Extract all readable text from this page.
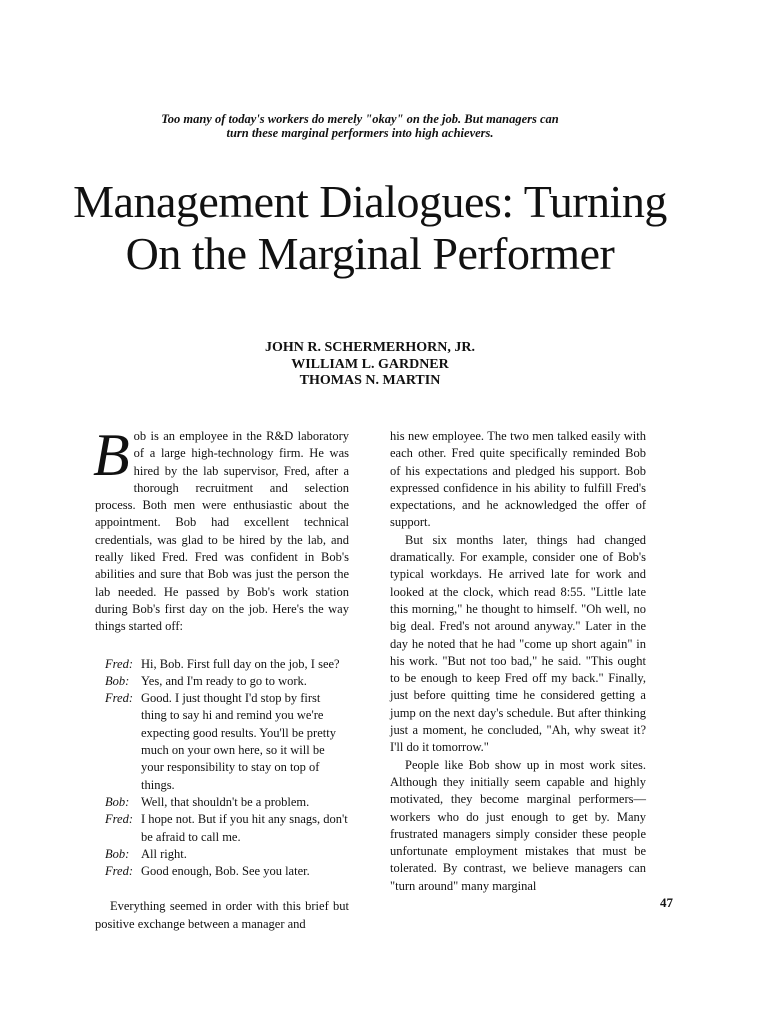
Too many of today's workers do merely "okay" on the job. But managers can
turn these marginal performers into high achievers.
Management Dialogues: Turning
On the Marginal Performer
JOHN R. SCHERMERHORN, JR.
WILLIAM L. GARDNER
THOMAS N. MARTIN

Bob is an employee in the R&D laboratory of a large high-technology firm. He was hired by the lab supervisor, Fred, after a thorough recruitment and selection process. Both men were enthusiastic about the appointment. Bob had excellent technical credentials, was glad to be hired by the lab, and really liked Fred. Fred was confident in Bob's abilities and sure that Bob was just the person the lab needed. He passed by Bob's work station during Bob's first day on the job. Here's the way things started off:

Fred: Hi, Bob. First full day on the job, I see?
Bob: Yes, and I'm ready to go to work.
Fred: Good. I just thought I'd stop by first thing to say hi and remind you we're expecting good results. You'll be pretty much on your own here, so it will be your responsibility to stay on top of things.
Bob: Well, that shouldn't be a problem.
Fred: I hope not. But if you hit any snags, don't be afraid to call me.
Bob: All right.
Fred: Good enough, Bob. See you later.

Everything seemed in order with this brief but positive exchange between a manager and

his new employee. The two men talked easily with each other. Fred quite specifically reminded Bob of his expectations and pledged his support. Bob expressed confidence in his ability to fulfill Fred's expectations, and he acknowledged the offer of support.

But six months later, things had changed dramatically. For example, consider one of Bob's typical workdays. He arrived late for work and looked at the clock, which read 8:55. "Little late this morning," he thought to himself. "Oh well, no big deal. Fred's not around anyway." Later in the day he noted that he had "come up short again" in his work. "But not too bad," he said. "This ought to be enough to keep Fred off my back." Finally, just before quitting time he considered getting a jump on the next day's schedule. But after thinking just a moment, he concluded, "Ah, why sweat it? I'll do it tomorrow."

People like Bob show up in most work sites. Although they initially seem capable and highly motivated, they become marginal performers—workers who do just enough to get by. Many frustrated managers simply consider these people unfortunate employment mistakes that must be tolerated. By contrast, we believe managers can "turn around" many marginal

47
